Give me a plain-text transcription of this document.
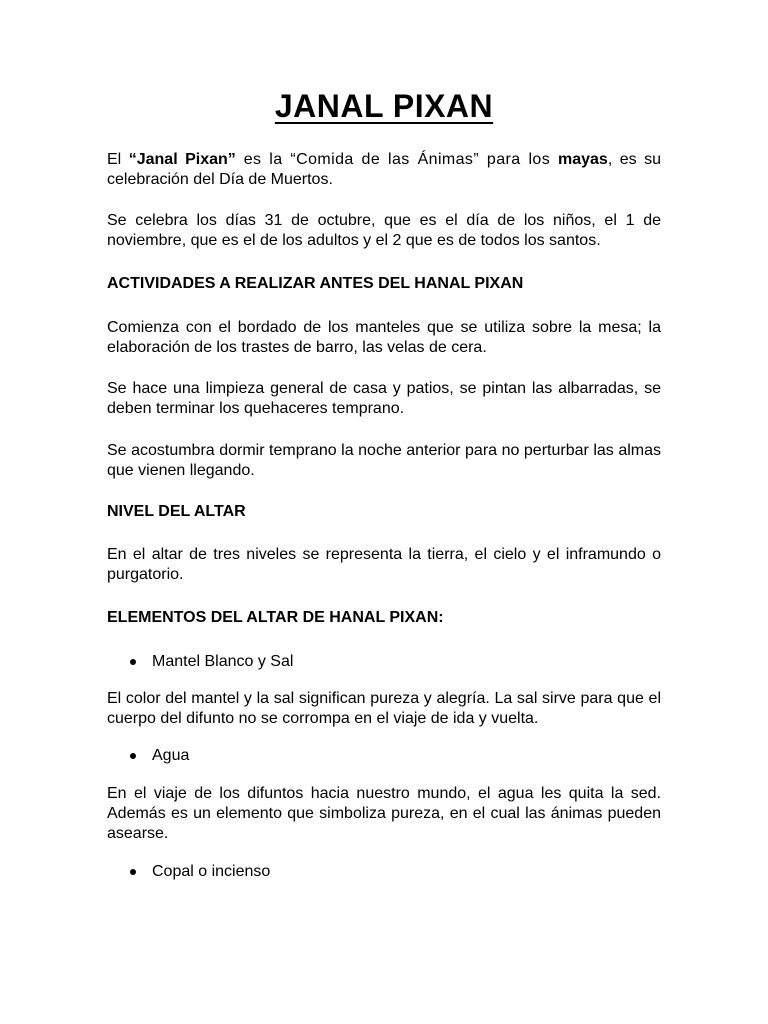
JANAL PIXAN
El “Janal Pixan” es la “Comida de las Ánimas” para los mayas, es su celebración del Día de Muertos.
Se celebra los días 31 de octubre, que es el día de los niños, el 1 de noviembre, que es el de los adultos y el 2 que es de todos los santos.
ACTIVIDADES A REALIZAR ANTES DEL HANAL PIXAN
Comienza con el bordado de los manteles que se utiliza sobre la mesa; la elaboración de los trastes de barro, las velas de cera.
Se hace una limpieza general de casa y patios, se pintan las albarradas, se deben terminar los quehaceres temprano.
Se acostumbra dormir temprano la noche anterior para no perturbar las almas que vienen llegando.
NIVEL DEL ALTAR
En el altar de tres niveles se representa la tierra, el cielo y el inframundo o purgatorio.
ELEMENTOS DEL ALTAR DE HANAL PIXAN:
Mantel Blanco y Sal
El color del mantel y la sal significan pureza y alegría. La sal sirve para que el cuerpo del difunto no se corrompa en el viaje de ida y vuelta.
Agua
En el viaje de los difuntos hacia nuestro mundo, el agua les quita la sed. Además es un elemento que simboliza pureza, en el cual las ánimas pueden asearse.
Copal o incienso
